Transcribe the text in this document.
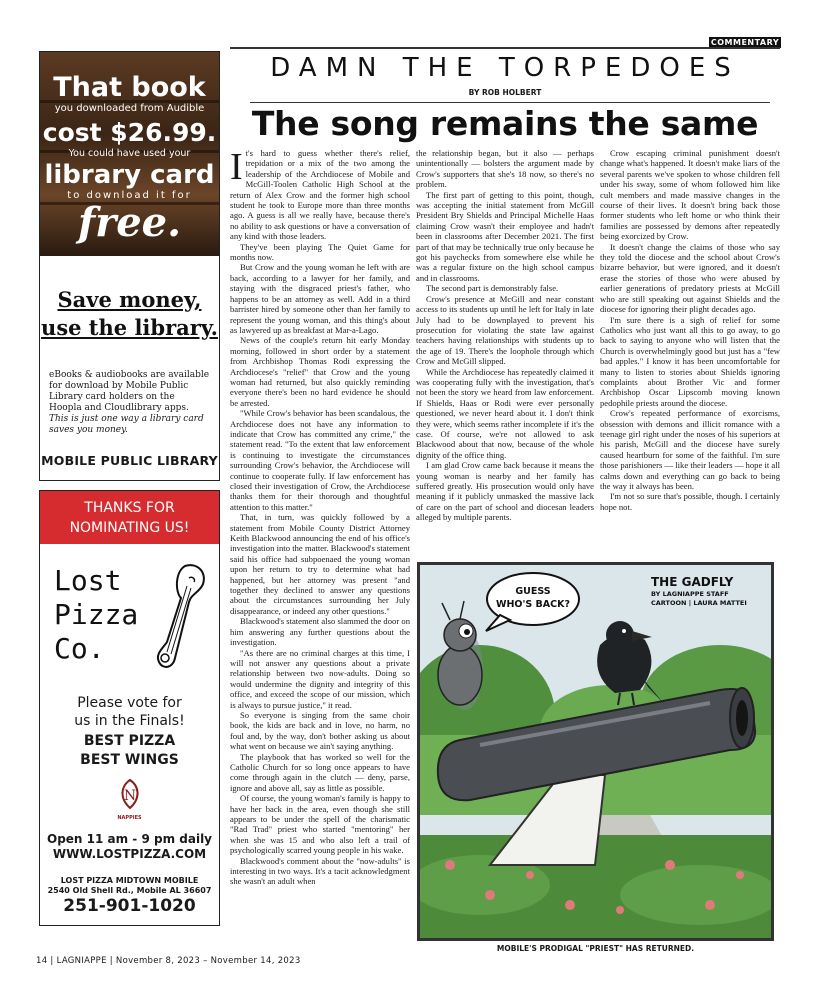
That book
you downloaded from Audible
cost $26.99.
You could have used your
library card
to download it for
free.
Save money,
use the library.
eBooks & audiobooks are available for download by Mobile Public Library card holders on the Hoopla and Cloudlibrary apps. This is just one way a library card saves you money.
MOBILE PUBLIC LIBRARY
THANKS FOR
NOMINATING US!
Lost
Pizza
Co.
Please vote for
us in the Finals!
BEST PIZZA
BEST WINGS
N
NAPPIES
Open 11 am - 9 pm daily
WWW.LOSTPIZZA.COM
LOST PIZZA MIDTOWN MOBILE
2540 Old Shell Rd., Mobile AL 36607
251-901-1020
COMMENTARY
DAMN THE TORPEDOES
BY ROB HOLBERT
The song remains the same

It's hard to guess whether there's relief, trepidation or a mix of the two among the leadership of the Archdiocese of Mobile and McGill-Toolen Catholic High School at the return of Alex Crow and the former high school student he took to Europe more than three months ago. A guess is all we really have, because there's no ability to ask questions or have a conversation of any kind with those leaders.

They've been playing The Quiet Game for months now.

But Crow and the young woman he left with are back, according to a lawyer for her family, and staying with the disgraced priest's father, who happens to be an attorney as well. Add in a third barrister hired by someone other than her family to represent the young woman, and this thing's about as lawyered up as breakfast at Mar-a-Lago.

News of the couple's return hit early Monday morning, followed in short order by a statement from Archbishop Thomas Rodi expressing the Archdiocese's "relief" that Crow and the young woman had returned, but also quickly reminding everyone there's been no hard evidence he should be arrested.

"While Crow's behavior has been scandalous, the Archdiocese does not have any information to indicate that Crow has committed any crime," the statement read. "To the extent that law enforcement is continuing to investigate the circumstances surrounding Crow's behavior, the Archdiocese will continue to cooperate fully. If law enforcement has closed their investigation of Crow, the Archdiocese thanks them for their thorough and thoughtful attention to this matter."

That, in turn, was quickly followed by a statement from Mobile County District Attorney Keith Blackwood announcing the end of his office's investigation into the matter. Blackwood's statement said his office had subpoenaed the young woman upon her return to try to determine what had happened, but her attorney was present "and together they declined to answer any questions about the circumstances surrounding her July disappearance, or indeed any other questions."

Blackwood's statement also slammed the door on him answering any further questions about the investigation.

"As there are no criminal charges at this time, I will not answer any questions about a private relationship between two now-adults. Doing so would undermine the dignity and integrity of this office, and exceed the scope of our mission, which is always to pursue justice," it read.

So everyone is singing from the same choir book, the kids are back and in love, no harm, no foul and, by the way, don't bother asking us about what went on because we ain't saying anything.

The playbook that has worked so well for the Catholic Church for so long once appears to have come through again in the clutch — deny, parse, ignore and above all, say as little as possible.

Of course, the young woman's family is happy to have her back in the area, even though she still appears to be under the spell of the charismatic "Rad Trad" priest who started "mentoring" her when she was 15 and who also left a trail of psychologically scarred young people in his wake.

Blackwood's comment about the "now-adults" is interesting in two ways. It's a tacit acknowledgment she wasn't an adult when

the relationship began, but it also — perhaps unintentionally — bolsters the argument made by Crow's supporters that she's 18 now, so there's no problem.

The first part of getting to this point, though, was accepting the initial statement from McGill President Bry Shields and Principal Michelle Haas claiming Crow wasn't their employee and hadn't been in classrooms after December 2021. The first part of that may be technically true only because he got his paychecks from somewhere else while he was a regular fixture on the high school campus and in classrooms.

The second part is demonstrably false.

Crow's presence at McGill and near constant access to its students up until he left for Italy in late July had to be downplayed to prevent his prosecution for violating the state law against teachers having relationships with students up to the age of 19. There's the loophole through which Crow and McGill slipped.

While the Archdiocese has repeatedly claimed it was cooperating fully with the investigation, that's not been the story we heard from law enforcement. If Shields, Haas or Rodi were ever personally questioned, we never heard about it. I don't think they were, which seems rather incomplete if it's the case. Of course, we're not allowed to ask Blackwood about that now, because of the whole dignity of the office thing.

I am glad Crow came back because it means the young woman is nearby and her family has suffered greatly. His prosecution would only have meaning if it publicly unmasked the massive lack of care on the part of school and diocesan leaders alleged by multiple parents.

Crow escaping criminal punishment doesn't change what's happened. It doesn't make liars of the several parents we've spoken to whose children fell under his sway, some of whom followed him like cult members and made massive changes in the course of their lives. It doesn't bring back those former students who left home or who think their families are possessed by demons after repeatedly being exorcized by Crow.

It doesn't change the claims of those who say they told the diocese and the school about Crow's bizarre behavior, but were ignored, and it doesn't erase the stories of those who were abused by earlier generations of predatory priests at McGill who are still speaking out against Shields and the diocese for ignoring their plight decades ago.

I'm sure there is a sigh of relief for some Catholics who just want all this to go away, to go back to saying to anyone who will listen that the Church is overwhelmingly good but just has a "few bad apples." I know it has been uncomfortable for many to listen to stories about Shields ignoring complaints about Brother Vic and former Archbishop Oscar Lipscomb moving known pedophile priests around the diocese.

Crow's repeated performance of exorcisms, obsession with demons and illicit romance with a teenage girl right under the noses of his superiors at his parish, McGill and the diocese have surely caused heartburn for some of the faithful. I'm sure those parishioners — like their leaders — hope it all calms down and everything can go back to being the way it always has been.

I'm not so sure that's possible, though. I certainly hope not.

GUESS
WHO'S BACK?
THE GADFLY
BY LAGNIAPPE STAFF
CARTOON | LAURA MATTEI
MOBILE'S PRODIGAL "PRIEST" HAS RETURNED.
14 | LAGNIAPPE | November 8, 2023 – November 14, 2023
